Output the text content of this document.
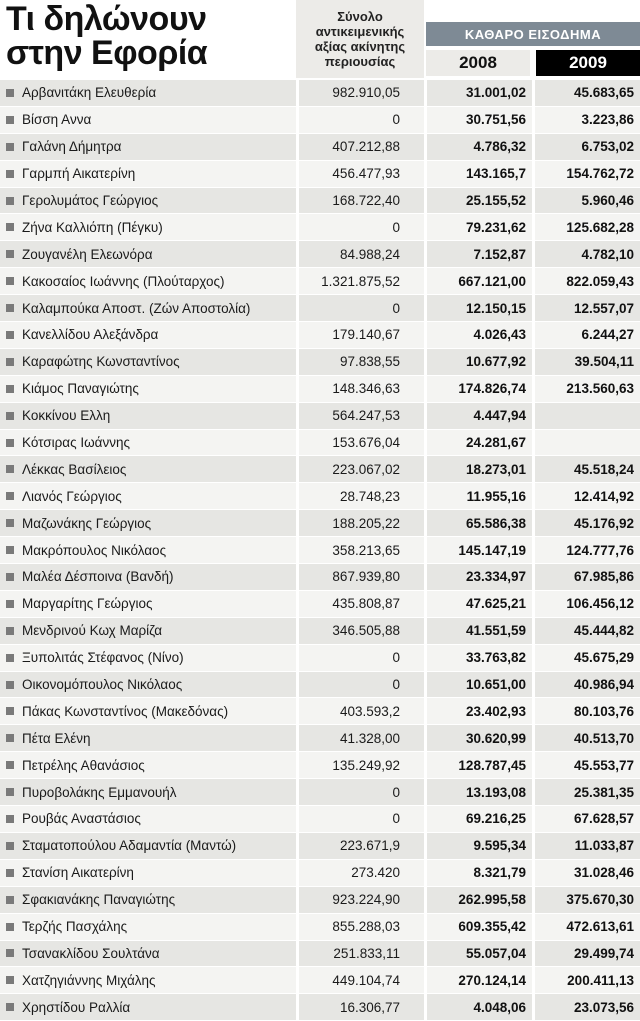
Τι δηλώνουν
στην Εφορία
Σύνολο αντικειμενικής αξίας ακίνητης περιουσίας
ΚΑΘΑΡΟ ΕΙΣΟΔΗΜΑ
2008	2009
Αρβανιτάκη Ελευθερία	982.910,05	31.001,02	45.683,65
Βίσση Αννα	0	30.751,56	3.223,86
Γαλάνη Δήμητρα	407.212,88	4.786,32	6.753,02
Γαρμπή Αικατερίνη	456.477,93	143.165,7	154.762,72
Γερολυμάτος Γεώργιος	168.722,40	25.155,52	5.960,46
Ζήνα Καλλιόπη (Πέγκυ)	0	79.231,62	125.682,28
Ζουγανέλη Ελεωνόρα	84.988,24	7.152,87	4.782,10
Κακοσαίος Ιωάννης (Πλούταρχος)	1.321.875,52	667.121,00	822.059,43
Καλαμπούκα Αποστ. (Ζών Αποστολία)	0	12.150,15	12.557,07
Κανελλίδου Αλεξάνδρα	179.140,67	4.026,43	6.244,27
Καραφώτης Κωνσταντίνος	97.838,55	10.677,92	39.504,11
Κιάμος Παναγιώτης	148.346,63	174.826,74	213.560,63
Κοκκίνου Ελλη	564.247,53	4.447,94
Κότσιρας Ιωάννης	153.676,04	24.281,67
Λέκκας Βασίλειος	223.067,02	18.273,01	45.518,24
Λιανός Γεώργιος	28.748,23	11.955,16	12.414,92
Μαζωνάκης Γεώργιος	188.205,22	65.586,38	45.176,92
Μακρόπουλος Νικόλαος	358.213,65	145.147,19	124.777,76
Μαλέα Δέσποινα (Βανδή)	867.939,80	23.334,97	67.985,86
Μαργαρίτης Γεώργιος	435.808,87	47.625,21	106.456,12
Μενδρινού Κωχ Μαρίζα	346.505,88	41.551,59	45.444,82
Ξυπολιτάς Στέφανος (Νίνο)	0	33.763,82	45.675,29
Οικονομόπουλος Νικόλαος	0	10.651,00	40.986,94
Πάκας Κωνσταντίνος (Μακεδόνας)	403.593,2	23.402,93	80.103,76
Πέτα Ελένη	41.328,00	30.620,99	40.513,70
Πετρέλης Αθανάσιος	135.249,92	128.787,45	45.553,77
Πυροβολάκης Εμμανουήλ	0	13.193,08	25.381,35
Ρουβάς Αναστάσιος	0	69.216,25	67.628,57
Σταματοπούλου Αδαμαντία (Μαντώ)	223.671,9	9.595,34	11.033,87
Στανίση Αικατερίνη	273.420	8.321,79	31.028,46
Σφακιανάκης Παναγιώτης	923.224,90	262.995,58	375.670,30
Τερζής Πασχάλης	855.288,03	609.355,42	472.613,61
Τσανακλίδου Σουλτάνα	251.833,11	55.057,04	29.499,74
Χατζηγιάννης Μιχάλης	449.104,74	270.124,14	200.411,13
Χρηστίδου Ραλλία	16.306,77	4.048,06	23.073,56
